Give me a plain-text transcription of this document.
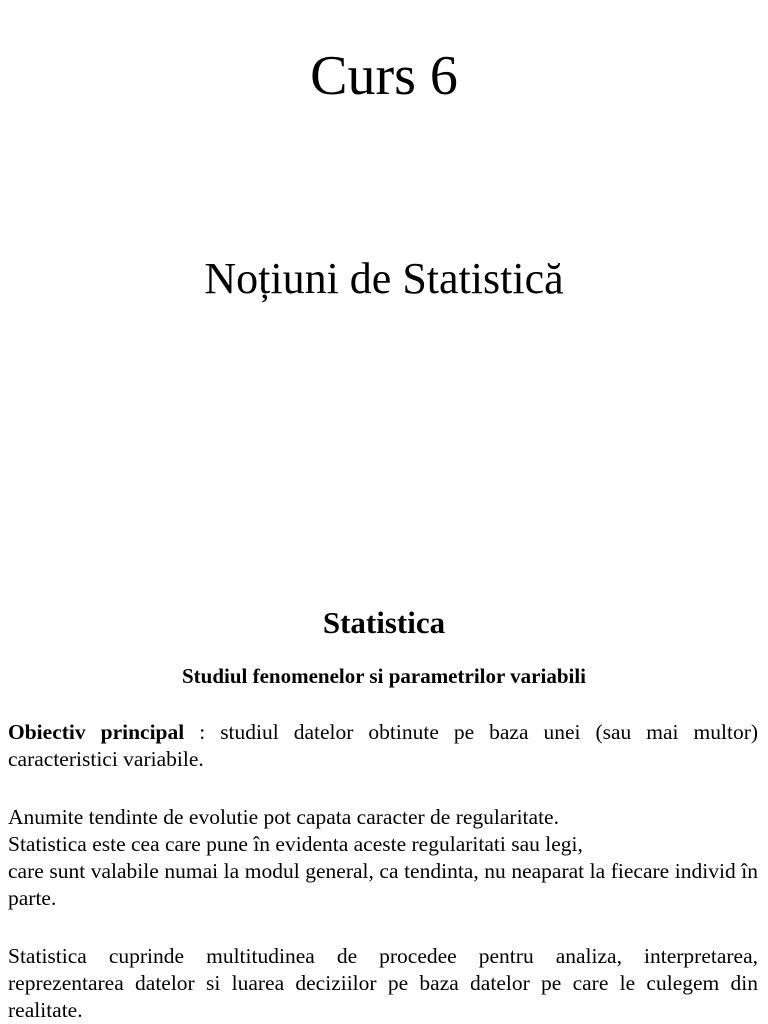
Curs 6
Noțiuni de Statistică
Statistica
Studiul fenomenelor si parametrilor variabili

Obiectiv principal : studiul datelor obtinute pe baza unei (sau mai multor) caracteristici variabile.

Anumite tendinte de evolutie pot capata caracter de regularitate.
Statistica este cea care pune în evidenta aceste regularitati sau legi,
care sunt valabile numai la modul general, ca tendinta, nu neaparat la fiecare individ în parte.

Statistica cuprinde multitudinea de procedee pentru analiza, interpretarea, reprezentarea datelor si luarea deciziilor pe baza datelor pe care le culegem din realitate.
